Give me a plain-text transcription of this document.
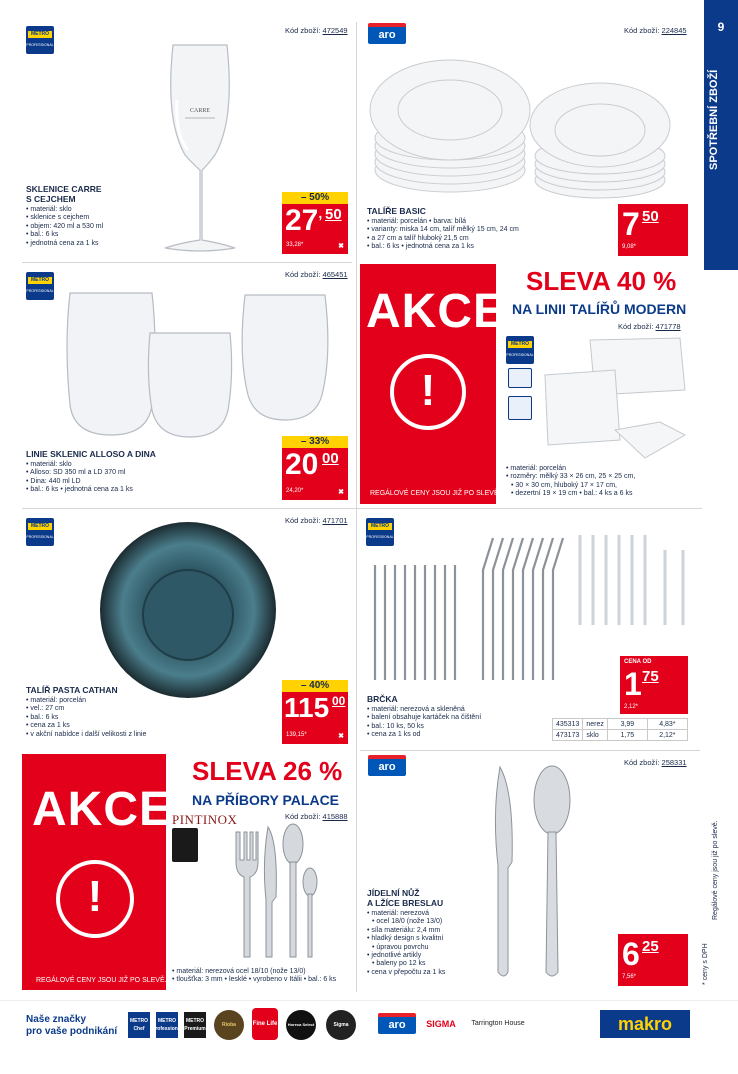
9
SPOTŘEBNÍ ZBOŽÍ
* ceny s DPH
Regálové ceny jsou již po slevě.
METRO
PROFESSIONAL
Kód zboží: 472549
CARRE
SKLENICE CARRE
S CEJCHEM
• materiál: sklo
• sklenice s cejchem
• objem: 420 ml a 530 ml
• bal.: 6 ks
• jednotná cena za 1 ks
– 50%
27, 50
33,28*	✖
aro	Kód zboží: 224845
TALÍŘE BASIC
• materiál: porcelán • barva: bílá
• varianty: miska 14 cm, talíř mělký 15 cm, 24 cm
• a 27 cm a talíř hluboký 21,5 cm
• bal.: 6 ks • jednotná cena za 1 ks
7 50
9,08*
METRO
PROFESSIONAL
Kód zboží: 465451
LINIE SKLENIC ALLOSO A DINA
• materiál: sklo
• Alloso: SD 350 ml a LD 370 ml
• Dina: 440 ml LD
• bal.: 6 ks • jednotná cena za 1 ks
– 33%
20 00
24,20*	✖
AKCE
!
REGÁLOVÉ CENY JSOU JIŽ PO SLEVĚ.
SLEVA 40 %
NA LINII TALÍŘŮ MODERN
Kód zboží: 471778
METRO
PROFESSIONAL
• materiál: porcelán
• rozměry: mělký 33 × 26 cm, 25 × 25 cm,
• 30 × 30 cm, hluboký 17 × 17 cm,
• dezertní 19 × 19 cm • bal.: 4 ks a 6 ks
METRO
PROFESSIONAL
Kód zboží: 471701
TALÍŘ PASTA CATHAN
• materiál: porcelán
• vel.: 27 cm
• bal.: 6 ks
• cena za 1 ks
• v akční nabídce i další velikosti z linie
– 40%
115 00
139,15*	✖
METRO
PROFESSIONAL
BRČKA
• materiál: nerezová a skleněná
• balení obsahuje kartáček na čištění
• bal.: 10 ks, 50 ks
• cena za 1 ks od
CENA OD
1 75
2,12*
435313	nerez	3,99	4,83*
473173	sklo	1,75	2,12*
AKCE
!
REGÁLOVÉ CENY JSOU JIŽ PO SLEVĚ.
SLEVA 26 %
NA PŘÍBORY PALACE
PINTINOX	Kód zboží: 415888
• materiál: nerezová ocel 18/10 (nože 13/0)
• tloušťka: 3 mm • lesklé • vyrobeno v Itálii • bal.: 6 ks
aro	Kód zboží: 258331
JÍDELNÍ NŮŽ
A LŽÍCE BRESLAU
• materiál: nerezová
• ocel 18/0 (nože 13/0)
• síla materiálu: 2,4 mm
• hladký design s kvalitní
• úpravou povrchu
• jednotlivé artikly
• baleny po 12 ks
• cena v přepočtu za 1 ks
6 25
7,56*
Naše značky
pro vaše podnikání
METRO Chef
METRO Professional
METRO Premium
Rioba	Fine Life	Horeca Select	Sigma	aro	SIGMA	Tarrington House	makro
